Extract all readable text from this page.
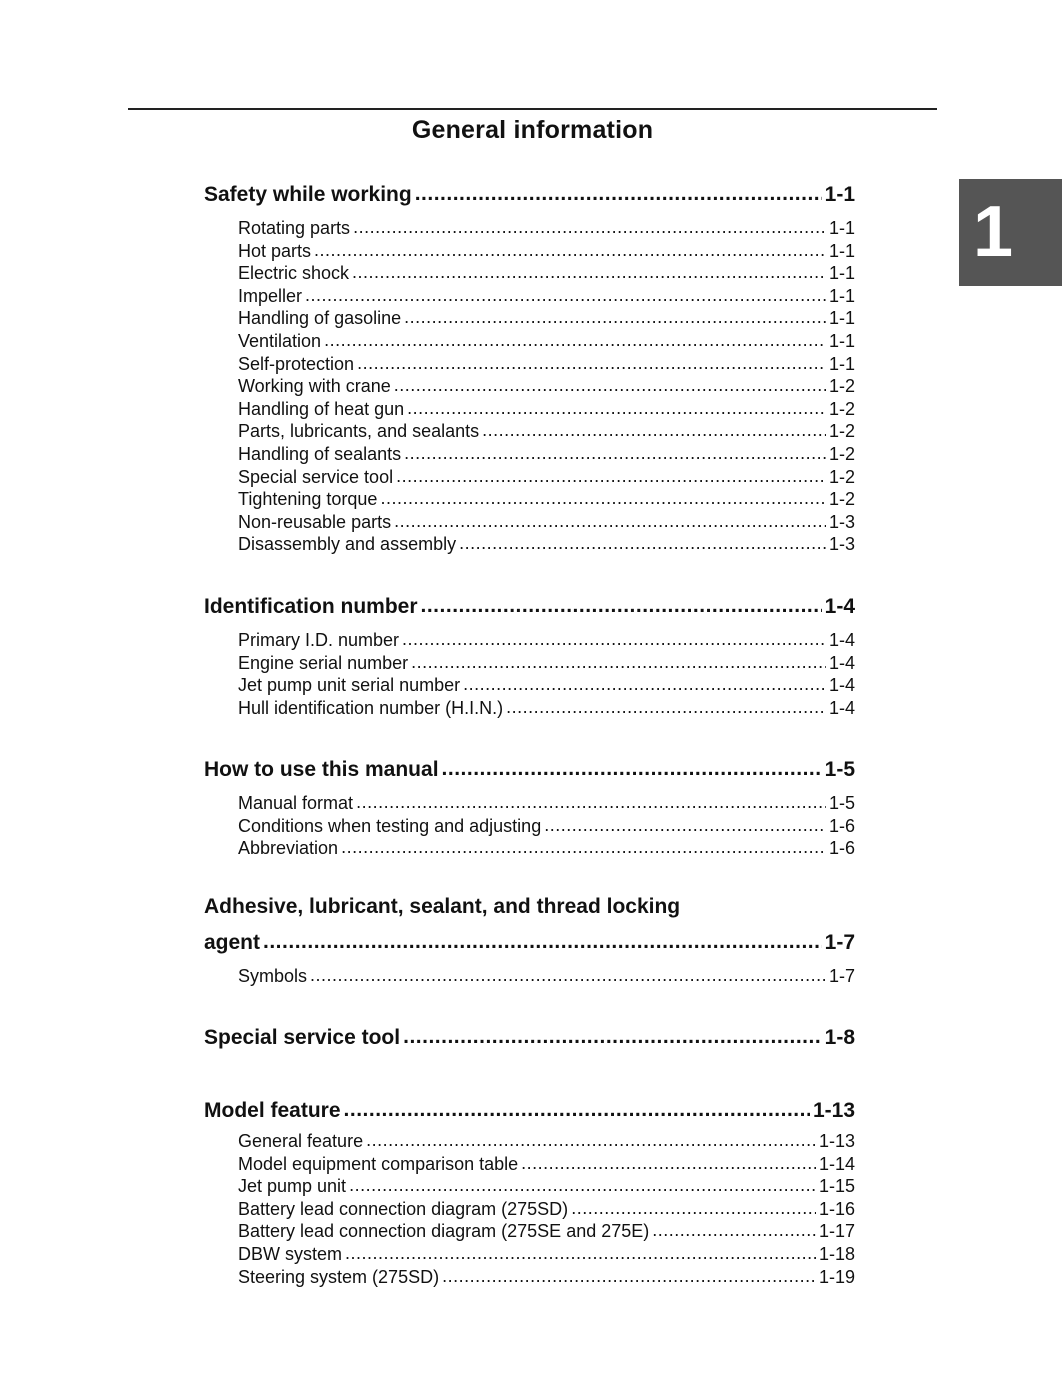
General information
1
Safety while working .....	1-1
Rotating parts .....	1-1
Hot parts .....	1-1
Electric shock .....	1-1
Impeller .....	1-1
Handling of gasoline .....	1-1
Ventilation .....	1-1
Self-protection .....	1-1
Working with crane .....	1-2
Handling of heat gun .....	1-2
Parts, lubricants, and sealants .....	1-2
Handling of sealants .....	1-2
Special service tool .....	1-2
Tightening torque .....	1-2
Non-reusable parts .....	1-3
Disassembly and assembly .....	1-3
Identification number .....	1-4
Primary I.D. number .....	1-4
Engine serial number .....	1-4
Jet pump unit serial number .....	1-4
Hull identification number (H.I.N.) .....	1-4
How to use this manual .....	1-5
Manual format .....	1-5
Conditions when testing and adjusting .....	1-6
Abbreviation .....	1-6
Adhesive, lubricant, sealant, and thread locking
agent .....	1-7
Symbols .....	1-7
Special service tool .....	1-8
Model feature .....	1-13
General feature .....	1-13
Model equipment comparison table .....	1-14
Jet pump unit .....	1-15
Battery lead connection diagram (275SD) .....	1-16
Battery lead connection diagram (275SE and 275E) .....	1-17
DBW system .....	1-18
Steering system (275SD) .....	1-19
